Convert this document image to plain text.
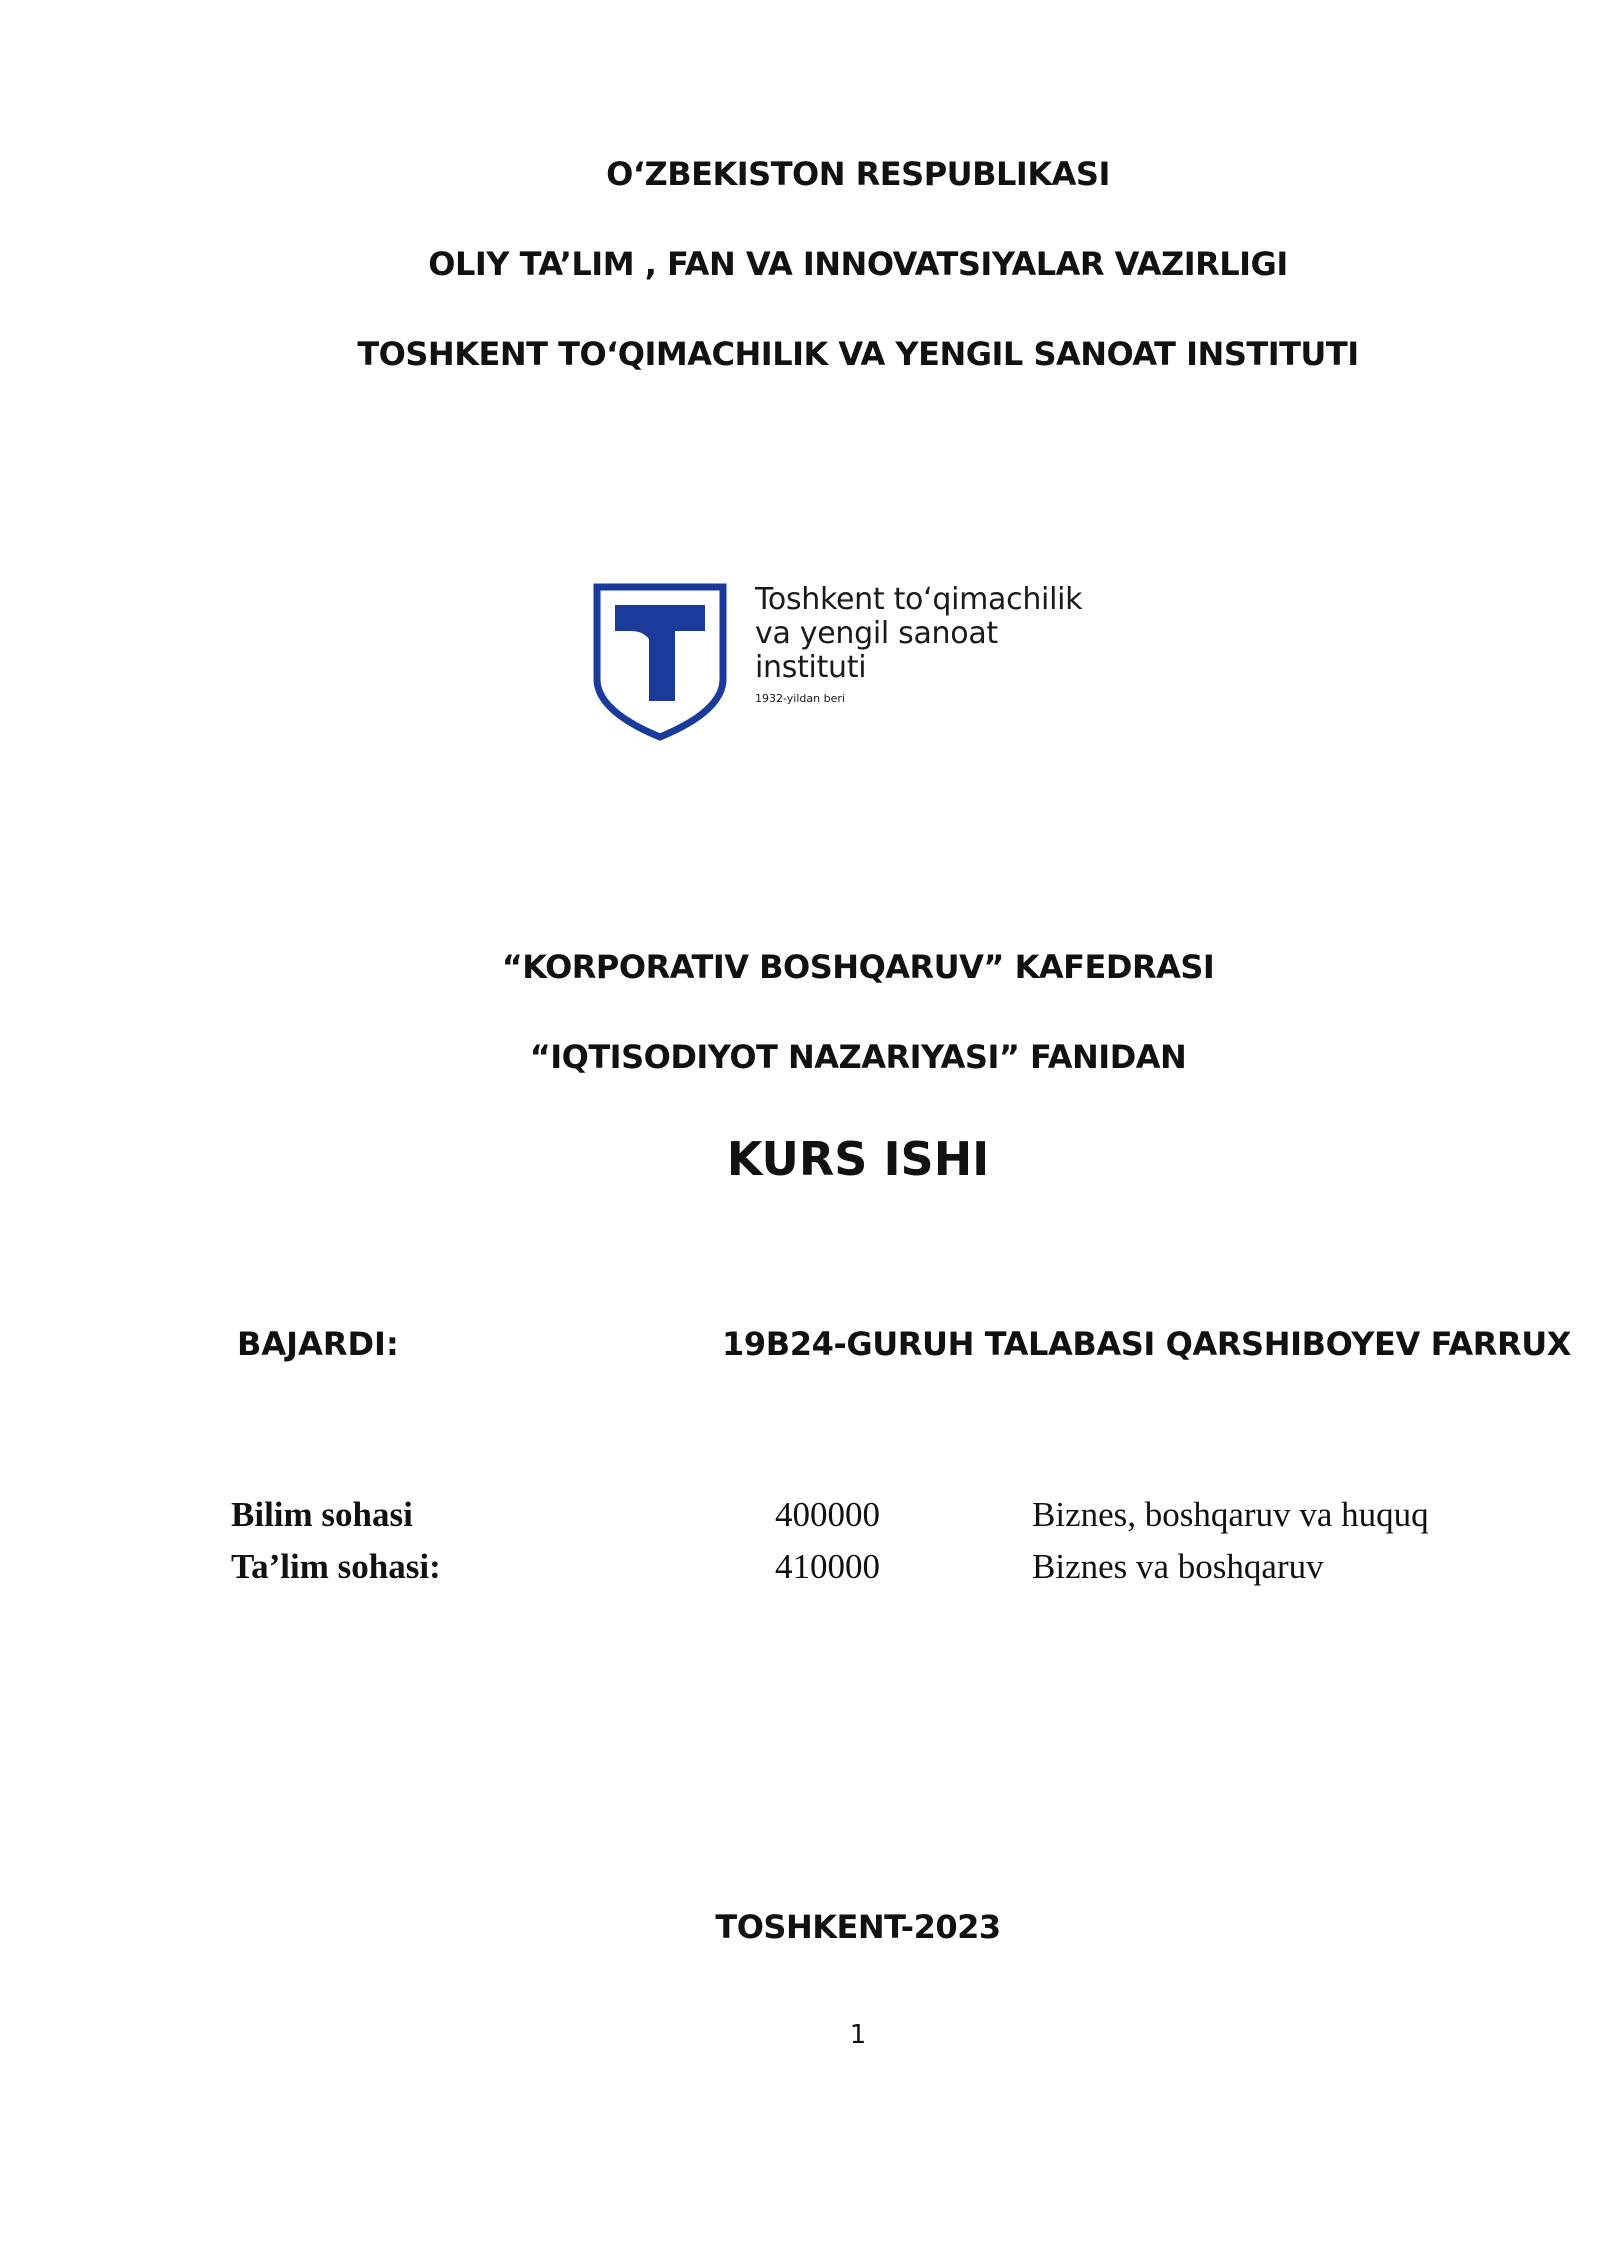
O‘ZBEKISTON RESPUBLIKASI
OLIY TA’LIM , FAN VA INNOVATSIYALAR VAZIRLIGI
TOSHKENT TO‘QIMACHILIK VA YENGIL SANOAT INSTITUTI
Toshkent to‘qimachilik
va yengil sanoat
instituti
1932-yildan beri
“KORPORATIV BOSHQARUV” KAFEDRASI
“IQTISODIYOT NAZARIYASI” FANIDAN
KURS ISHI
BAJARDI:	19B24-GURUH TALABASI QARSHIBOYEV FARRUX
Bilim sohasi	400000	Biznes, boshqaruv va huquq
Ta’lim sohasi:	410000	Biznes va boshqaruv
TOSHKENT-2023
1
